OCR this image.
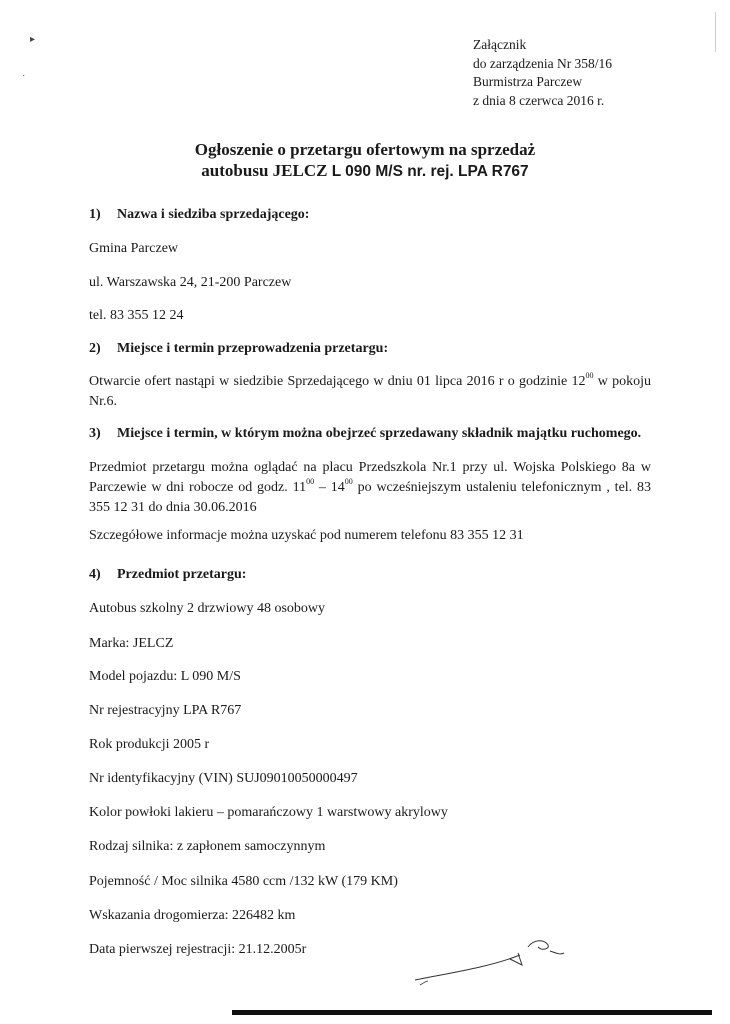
▸
˙
Załącznik
do zarządzenia Nr 358/16
Burmistrza Parczew
z dnia 8 czerwca 2016 r.
Ogłoszenie o przetargu ofertowym na sprzedaż
autobusu JELCZ L 090 M/S nr. rej. LPA R767
1) Nazwa i siedziba sprzedającego:
Gmina Parczew
ul. Warszawska 24, 21-200 Parczew
tel. 83 355 12 24
2) Miejsce i termin przeprowadzenia przetargu:
Otwarcie ofert nastąpi w siedzibie Sprzedającego w dniu 01 lipca 2016 r o godzinie $12^{00}$ w pokoju Nr.6.
3) Miejsce i termin, w którym można obejrzeć sprzedawany składnik majątku ruchomego.
Przedmiot przetargu można oglądać na placu Przedszkola Nr.1 przy ul. Wojska Polskiego 8a w Parczewie w dni robocze od godz. $11^{00} - 14^{00}$ po wcześniejszym ustaleniu telefonicznym , tel. 83 355 12 31 do dnia 30.06.2016
Szczegółowe informacje można uzyskać pod numerem telefonu 83 355 12 31
4) Przedmiot przetargu:
Autobus szkolny 2 drzwiowy 48 osobowy
Marka: JELCZ
Model pojazdu: L 090 M/S
Nr rejestracyjny LPA R767
Rok produkcji 2005 r
Nr identyfikacyjny (VIN) SUJ09010050000497
Kolor powłoki lakieru – pomarańczowy 1 warstwowy akrylowy
Rodzaj silnika: z zapłonem samoczynnym
Pojemność / Moc silnika 4580 ccm /132 kW (179 KM)
Wskazania drogomierza: 226482 km
Data pierwszej rejestracji: 21.12.2005r
